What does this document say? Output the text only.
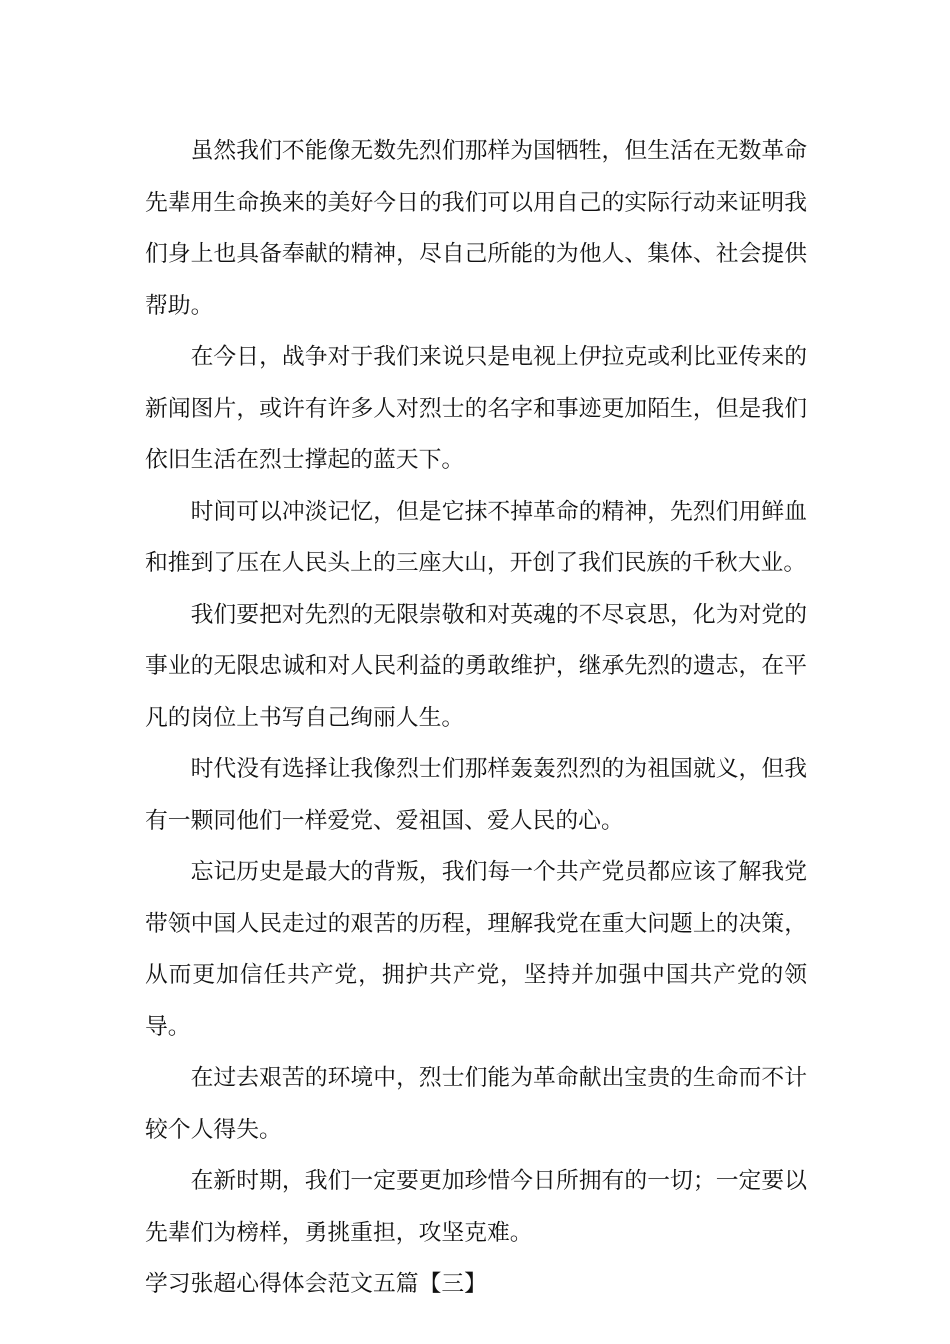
虽然我们不能像无数先烈们那样为国牺牲，但生活在无数革命先辈用生命换来的美好今日的我们可以用自己的实际行动来证明我们身上也具备奉献的精神，尽自己所能的为他人、集体、社会提供帮助。

在今日，战争对于我们来说只是电视上伊拉克或利比亚传来的新闻图片，或许有许多人对烈士的名字和事迹更加陌生，但是我们依旧生活在烈士撑起的蓝天下。

时间可以冲淡记忆，但是它抹不掉革命的精神，先烈们用鲜血和推到了压在人民头上的三座大山，开创了我们民族的千秋大业。

我们要把对先烈的无限崇敬和对英魂的不尽哀思，化为对党的事业的无限忠诚和对人民利益的勇敢维护，继承先烈的遗志，在平凡的岗位上书写自己绚丽人生。

时代没有选择让我像烈士们那样轰轰烈烈的为祖国就义，但我有一颗同他们一样爱党、爱祖国、爱人民的心。

忘记历史是最大的背叛，我们每一个共产党员都应该了解我党带领中国人民走过的艰苦的历程，理解我党在重大问题上的决策，从而更加信任共产党，拥护共产党，坚持并加强中国共产党的领导。

在过去艰苦的环境中，烈士们能为革命献出宝贵的生命而不计较个人得失。

在新时期，我们一定要更加珍惜今日所拥有的一切；一定要以先辈们为榜样，勇挑重担，攻坚克难。

学习张超心得体会范文五篇【三】
